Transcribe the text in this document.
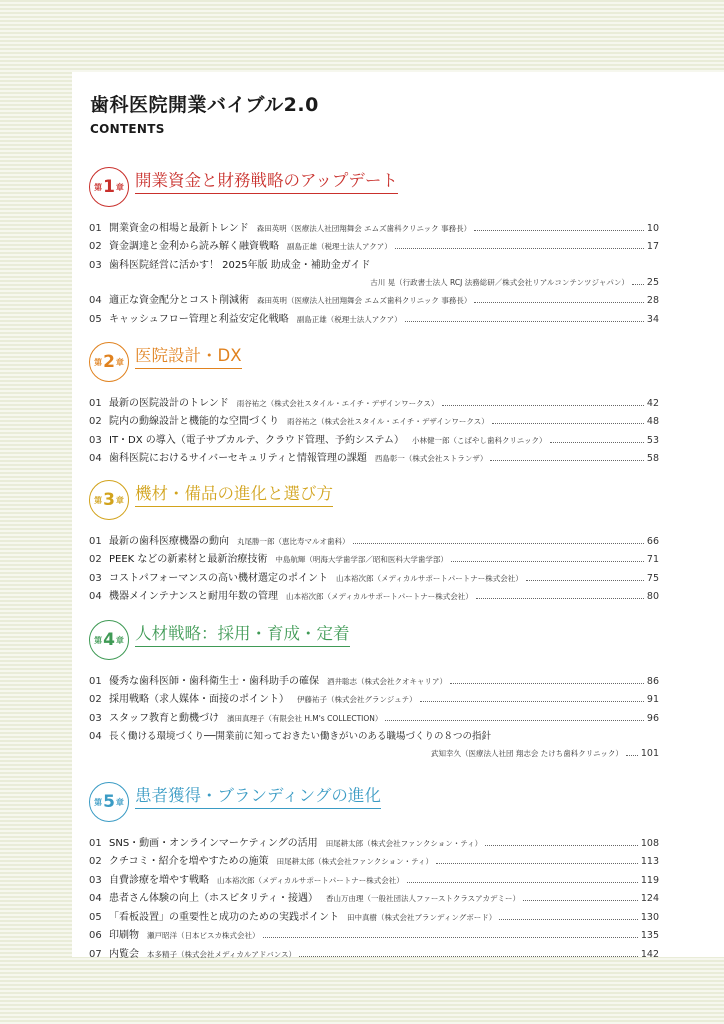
歯科医院開業バイブル2.0
CONTENTS
第 1 章 開業資金と財務戦略のアップデート
01 開業資金の相場と最新トレンド 森田英明（医療法人社団翔舞会 エムズ歯科クリニック 事務長）	10
02 資金調達と金利から読み解く融資戦略 副島正雄（税理士法人アクア）	17
03 歯科医院経営に活かす！ 2025年版 助成金・補助金ガイド
古川 晃（行政書士法人 RCJ 法務総研／株式会社リアルコンテンツジャパン） 25
04 適正な資金配分とコスト削減術 森田英明（医療法人社団翔舞会 エムズ歯科クリニック 事務長）	28
05 キャッシュフロー管理と利益安定化戦略 副島正雄（税理士法人アクア）	34
第 2 章 医院設計・DX
01 最新の医院設計のトレンド 雨谷祐之（株式会社スタイル・エイチ・デザインワークス）	42
02 院内の動線設計と機能的な空間づくり 雨谷祐之（株式会社スタイル・エイチ・デザインワークス）	48
03 IT・DX の導入（電子サブカルテ、クラウド管理、予約システム） 小林健一郎（こばやし歯科クリニック）	53
04 歯科医院におけるサイバーセキュリティと情報管理の課題 西島彰一（株式会社ストランザ）	58
第 3 章 機材・備品の進化と選び方
01 最新の歯科医療機器の動向 丸尾勝一郎（恵比寿マルオ歯科）	66
02 PEEK などの新素材と最新治療技術 中島航輝（明海大学歯学部／昭和医科大学歯学部）	71
03 コストパフォーマンスの高い機材選定のポイント 山本裕次郎（メディカルサポートパートナー株式会社）	75
04 機器メインテナンスと耐用年数の管理 山本裕次郎（メディカルサポートパートナー株式会社）	80
第 4 章 人材戦略：採用・育成・定着
01 優秀な歯科医師・歯科衛生士・歯科助手の確保 酒井聡志（株式会社クオキャリア）	86
02 採用戦略（求人媒体・面接のポイント） 伊藤祐子（株式会社グランジュテ）	91
03 スタッフ教育と動機づけ 濱田真理子（有限会社 H.M's COLLECTION）	96
04 長く働ける環境づくり──開業前に知っておきたい働きがいのある職場づくりの８つの指針
武知幸久（医療法人社団 翔志会 たけち歯科クリニック） 101
第 5 章 患者獲得・ブランディングの進化
01 SNS・動画・オンラインマーケティングの活用 田尾耕太郎（株式会社ファンクション・ティ）	108
02 クチコミ・紹介を増やすための施策 田尾耕太郎（株式会社ファンクション・ティ）	113
03 自費診療を増やす戦略 山本裕次郎（メディカルサポートパートナー株式会社）	119
04 患者さん体験の向上（ホスピタリティ・接遇） 香山万由理（一般社団法人ファーストクラスアカデミー）	124
05 「看板設置」の重要性と成功のための実践ポイント 田中真樹（株式会社ブランディングボード）	130
06 印刷物 瀬戸昭洋（日本ビスカ株式会社）	135
07 内覧会 本多精子（株式会社メディカルアドバンス）	142
